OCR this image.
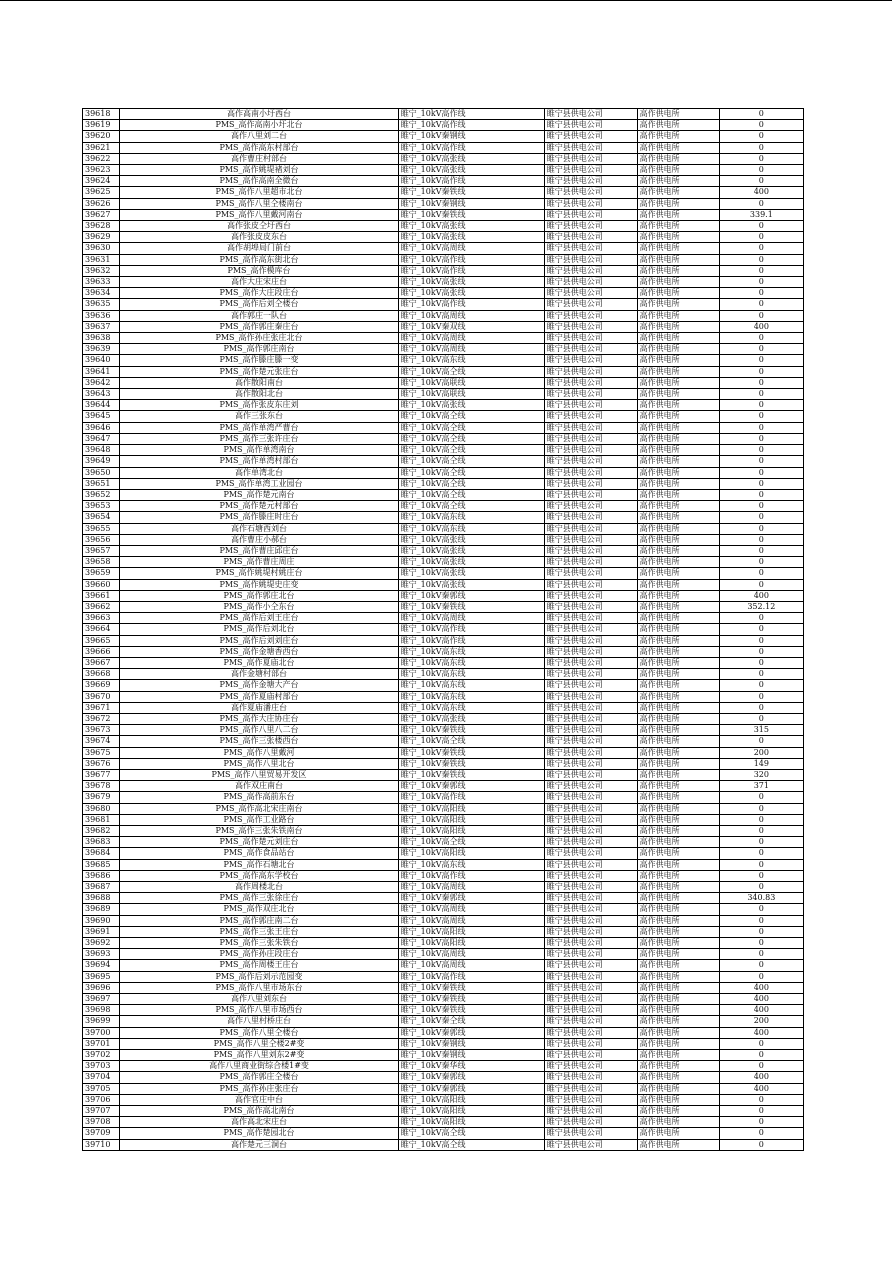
39618	高作高南小圩西台	睢宁_10kV高作线	睢宁县供电公司	高作供电所	0
39619	PMS_高作高南小圩北台	睢宁_10kV高作线	睢宁县供电公司	高作供电所	0
39620	高作八里刘二台	睢宁_10kV秦钢线	睢宁县供电公司	高作供电所	0
39621	PMS_高作高东村部台	睢宁_10kV高作线	睢宁县供电公司	高作供电所	0
39622	高作曹庄村部台	睢宁_10kV高张线	睢宁县供电公司	高作供电所	0
39623	PMS_高作姚堤褚刘台	睢宁_10kV高张线	睢宁县供电公司	高作供电所	0
39624	PMS_高作高南全微台	睢宁_10kV高作线	睢宁县供电公司	高作供电所	0
39625	PMS_高作八里超市北台	睢宁_10kV秦铁线	睢宁县供电公司	高作供电所	400
39626	PMS_高作八里仝楼南台	睢宁_10kV秦钢线	睢宁县供电公司	高作供电所	0
39627	PMS_高作八里戴河南台	睢宁_10kV秦铁线	睢宁县供电公司	高作供电所	339.1
39628	高作张皮仝圩西台	睢宁_10kV高张线	睢宁县供电公司	高作供电所	0
39629	高作张皮皮东台	睢宁_10kV高张线	睢宁县供电公司	高作供电所	0
39630	高作胡埠局门前台	睢宁_10kV高周线	睢宁县供电公司	高作供电所	0
39631	PMS_高作高东街北台	睢宁_10kV高作线	睢宁县供电公司	高作供电所	0
39632	PMS_高作模库台	睢宁_10kV高作线	睢宁县供电公司	高作供电所	0
39633	高作大庄宋庄台	睢宁_10kV高张线	睢宁县供电公司	高作供电所	0
39634	PMS_高作大庄段庄台	睢宁_10kV高张线	睢宁县供电公司	高作供电所	0
39635	PMS_高作后刘仝楼台	睢宁_10kV高作线	睢宁县供电公司	高作供电所	0
39636	高作郭庄一队台	睢宁_10kV高周线	睢宁县供电公司	高作供电所	0
39637	PMS_高作郭庄秦庄台	睢宁_10kV秦双线	睢宁县供电公司	高作供电所	400
39638	PMS_高作孙庄张庄北台	睢宁_10kV高周线	睢宁县供电公司	高作供电所	0
39639	PMS_高作郭庄南台	睢宁_10kV高周线	睢宁县供电公司	高作供电所	0
39640	PMS_高作滕庄滕一变	睢宁_10kV高东线	睢宁县供电公司	高作供电所	0
39641	PMS_高作楚元张庄台	睢宁_10kV高仝线	睢宁县供电公司	高作供电所	0
39642	高作散阳南台	睢宁_10kV高联线	睢宁县供电公司	高作供电所	0
39643	高作散阳北台	睢宁_10kV高联线	睢宁县供电公司	高作供电所	0
39644	PMS_高作张皮东庄刘	睢宁_10kV高张线	睢宁县供电公司	高作供电所	0
39645	高作三张东台	睢宁_10kV高仝线	睢宁县供电公司	高作供电所	0
39646	PMS_高作单湾严曹台	睢宁_10kV高仝线	睢宁县供电公司	高作供电所	0
39647	PMS_高作三张许庄台	睢宁_10kV高仝线	睢宁县供电公司	高作供电所	0
39648	PMS_高作单湾南台	睢宁_10kV高仝线	睢宁县供电公司	高作供电所	0
39649	PMS_高作单湾村部台	睢宁_10kV高仝线	睢宁县供电公司	高作供电所	0
39650	高作单湾北台	睢宁_10kV高仝线	睢宁县供电公司	高作供电所	0
39651	PMS_高作单湾工业园台	睢宁_10kV高仝线	睢宁县供电公司	高作供电所	0
39652	PMS_高作楚元南台	睢宁_10kV高仝线	睢宁县供电公司	高作供电所	0
39653	PMS_高作楚元村部台	睢宁_10kV高仝线	睢宁县供电公司	高作供电所	0
39654	PMS_高作滕庄时庄台	睢宁_10kV高东线	睢宁县供电公司	高作供电所	0
39655	高作石塘西刘台	睢宁_10kV高东线	睢宁县供电公司	高作供电所	0
39656	高作曹庄小郝台	睢宁_10kV高张线	睢宁县供电公司	高作供电所	0
39657	PMS_高作曹庄邱庄台	睢宁_10kV高张线	睢宁县供电公司	高作供电所	0
39658	PMS_高作曹庄周庄	睢宁_10kV高张线	睢宁县供电公司	高作供电所	0
39659	PMS_高作姚堤村姚庄台	睢宁_10kV高张线	睢宁县供电公司	高作供电所	0
39660	PMS_高作姚堤史庄变	睢宁_10kV高张线	睢宁县供电公司	高作供电所	0
39661	PMS_高作郭庄北台	睢宁_10kV秦郭线	睢宁县供电公司	高作供电所	400
39662	PMS_高作小仝东台	睢宁_10kV秦铁线	睢宁县供电公司	高作供电所	352.12
39663	PMS_高作后刘王庄台	睢宁_10kV高周线	睢宁县供电公司	高作供电所	0
39664	PMS_高作后刘北台	睢宁_10kV高作线	睢宁县供电公司	高作供电所	0
39665	PMS_高作后刘刘庄台	睢宁_10kV高作线	睢宁县供电公司	高作供电所	0
39666	PMS_高作金塘香西台	睢宁_10kV高东线	睢宁县供电公司	高作供电所	0
39667	PMS_高作夏庙北台	睢宁_10kV高东线	睢宁县供电公司	高作供电所	0
39668	高作金塘村部台	睢宁_10kV高东线	睢宁县供电公司	高作供电所	0
39669	PMS_高作金塘大产台	睢宁_10kV高东线	睢宁县供电公司	高作供电所	0
39670	PMS_高作夏庙村部台	睢宁_10kV高东线	睢宁县供电公司	高作供电所	0
39671	高作夏庙潘庄台	睢宁_10kV高东线	睢宁县供电公司	高作供电所	0
39672	PMS_高作大庄协庄台	睢宁_10kV高张线	睢宁县供电公司	高作供电所	0
39673	PMS_高作八里八二台	睢宁_10kV秦铁线	睢宁县供电公司	高作供电所	315
39674	PMS_高作三张楼西台	睢宁_10kV高仝线	睢宁县供电公司	高作供电所	0
39675	PMS_高作八里戴河	睢宁_10kV秦铁线	睢宁县供电公司	高作供电所	200
39676	PMS_高作八里北台	睢宁_10kV秦铁线	睢宁县供电公司	高作供电所	149
39677	PMS_高作八里贸易开发区	睢宁_10kV秦铁线	睢宁县供电公司	高作供电所	320
39678	高作双庄南台	睢宁_10kV秦郭线	睢宁县供电公司	高作供电所	371
39679	PMS_高作高前东台	睢宁_10kV高作线	睢宁县供电公司	高作供电所	0
39680	PMS_高作高北宋庄南台	睢宁_10kV高阳线	睢宁县供电公司	高作供电所	0
39681	PMS_高作工业路台	睢宁_10kV高阳线	睢宁县供电公司	高作供电所	0
39682	PMS_高作三张朱铁南台	睢宁_10kV高阳线	睢宁县供电公司	高作供电所	0
39683	PMS_高作楚元刘庄台	睢宁_10kV高仝线	睢宁县供电公司	高作供电所	0
39684	PMS_高作食品站台	睢宁_10kV高阳线	睢宁县供电公司	高作供电所	0
39685	PMS_高作石塘北台	睢宁_10kV高东线	睢宁县供电公司	高作供电所	0
39686	PMS_高作高东学校台	睢宁_10kV高作线	睢宁县供电公司	高作供电所	0
39687	高作周楼北台	睢宁_10kV高周线	睢宁县供电公司	高作供电所	0
39688	PMS_高作三张徐庄台	睢宁_10kV秦郭线	睢宁县供电公司	高作供电所	340.83
39689	PMS_高作双庄北台	睢宁_10kV高周线	睢宁县供电公司	高作供电所	0
39690	PMS_高作郭庄南二台	睢宁_10kV高周线	睢宁县供电公司	高作供电所	0
39691	PMS_高作三张王庄台	睢宁_10kV高阳线	睢宁县供电公司	高作供电所	0
39692	PMS_高作三张朱铁台	睢宁_10kV高阳线	睢宁县供电公司	高作供电所	0
39693	PMS_高作孙庄段庄台	睢宁_10kV高周线	睢宁县供电公司	高作供电所	0
39694	PMS_高作周楼王庄台	睢宁_10kV高周线	睢宁县供电公司	高作供电所	0
39695	PMS_高作后刘示范园变	睢宁_10kV高作线	睢宁县供电公司	高作供电所	0
39696	PMS_高作八里市场东台	睢宁_10kV秦铁线	睢宁县供电公司	高作供电所	400
39697	高作八里刘东台	睢宁_10kV秦铁线	睢宁县供电公司	高作供电所	400
39698	PMS_高作八里市场西台	睢宁_10kV秦铁线	睢宁县供电公司	高作供电所	400
39699	高作八里村桥庄台	睢宁_10kV秦仝线	睢宁县供电公司	高作供电所	200
39700	PMS_高作八里仝楼台	睢宁_10kV秦郭线	睢宁县供电公司	高作供电所	400
39701	PMS_高作八里仝楼2#变	睢宁_10kV秦钢线	睢宁县供电公司	高作供电所	0
39702	PMS_高作八里刘东2#变	睢宁_10kV秦钢线	睢宁县供电公司	高作供电所	0
39703	高作八里商业街综合楼1#变	睢宁_10kV秦华线	睢宁县供电公司	高作供电所	0
39704	PMS_高作郭庄仝楼台	睢宁_10kV秦郭线	睢宁县供电公司	高作供电所	400
39705	PMS_高作孙庄张庄台	睢宁_10kV秦郭线	睢宁县供电公司	高作供电所	400
39706	高作官庄中台	睢宁_10kV高阳线	睢宁县供电公司	高作供电所	0
39707	PMS_高作高北南台	睢宁_10kV高阳线	睢宁县供电公司	高作供电所	0
39708	高作高北宋庄台	睢宁_10kV高阳线	睢宁县供电公司	高作供电所	0
39709	PMS_高作楚园北台	睢宁_10kV高仝线	睢宁县供电公司	高作供电所	0
39710	高作楚元三洞台	睢宁_10kV高仝线	睢宁县供电公司	高作供电所	0
